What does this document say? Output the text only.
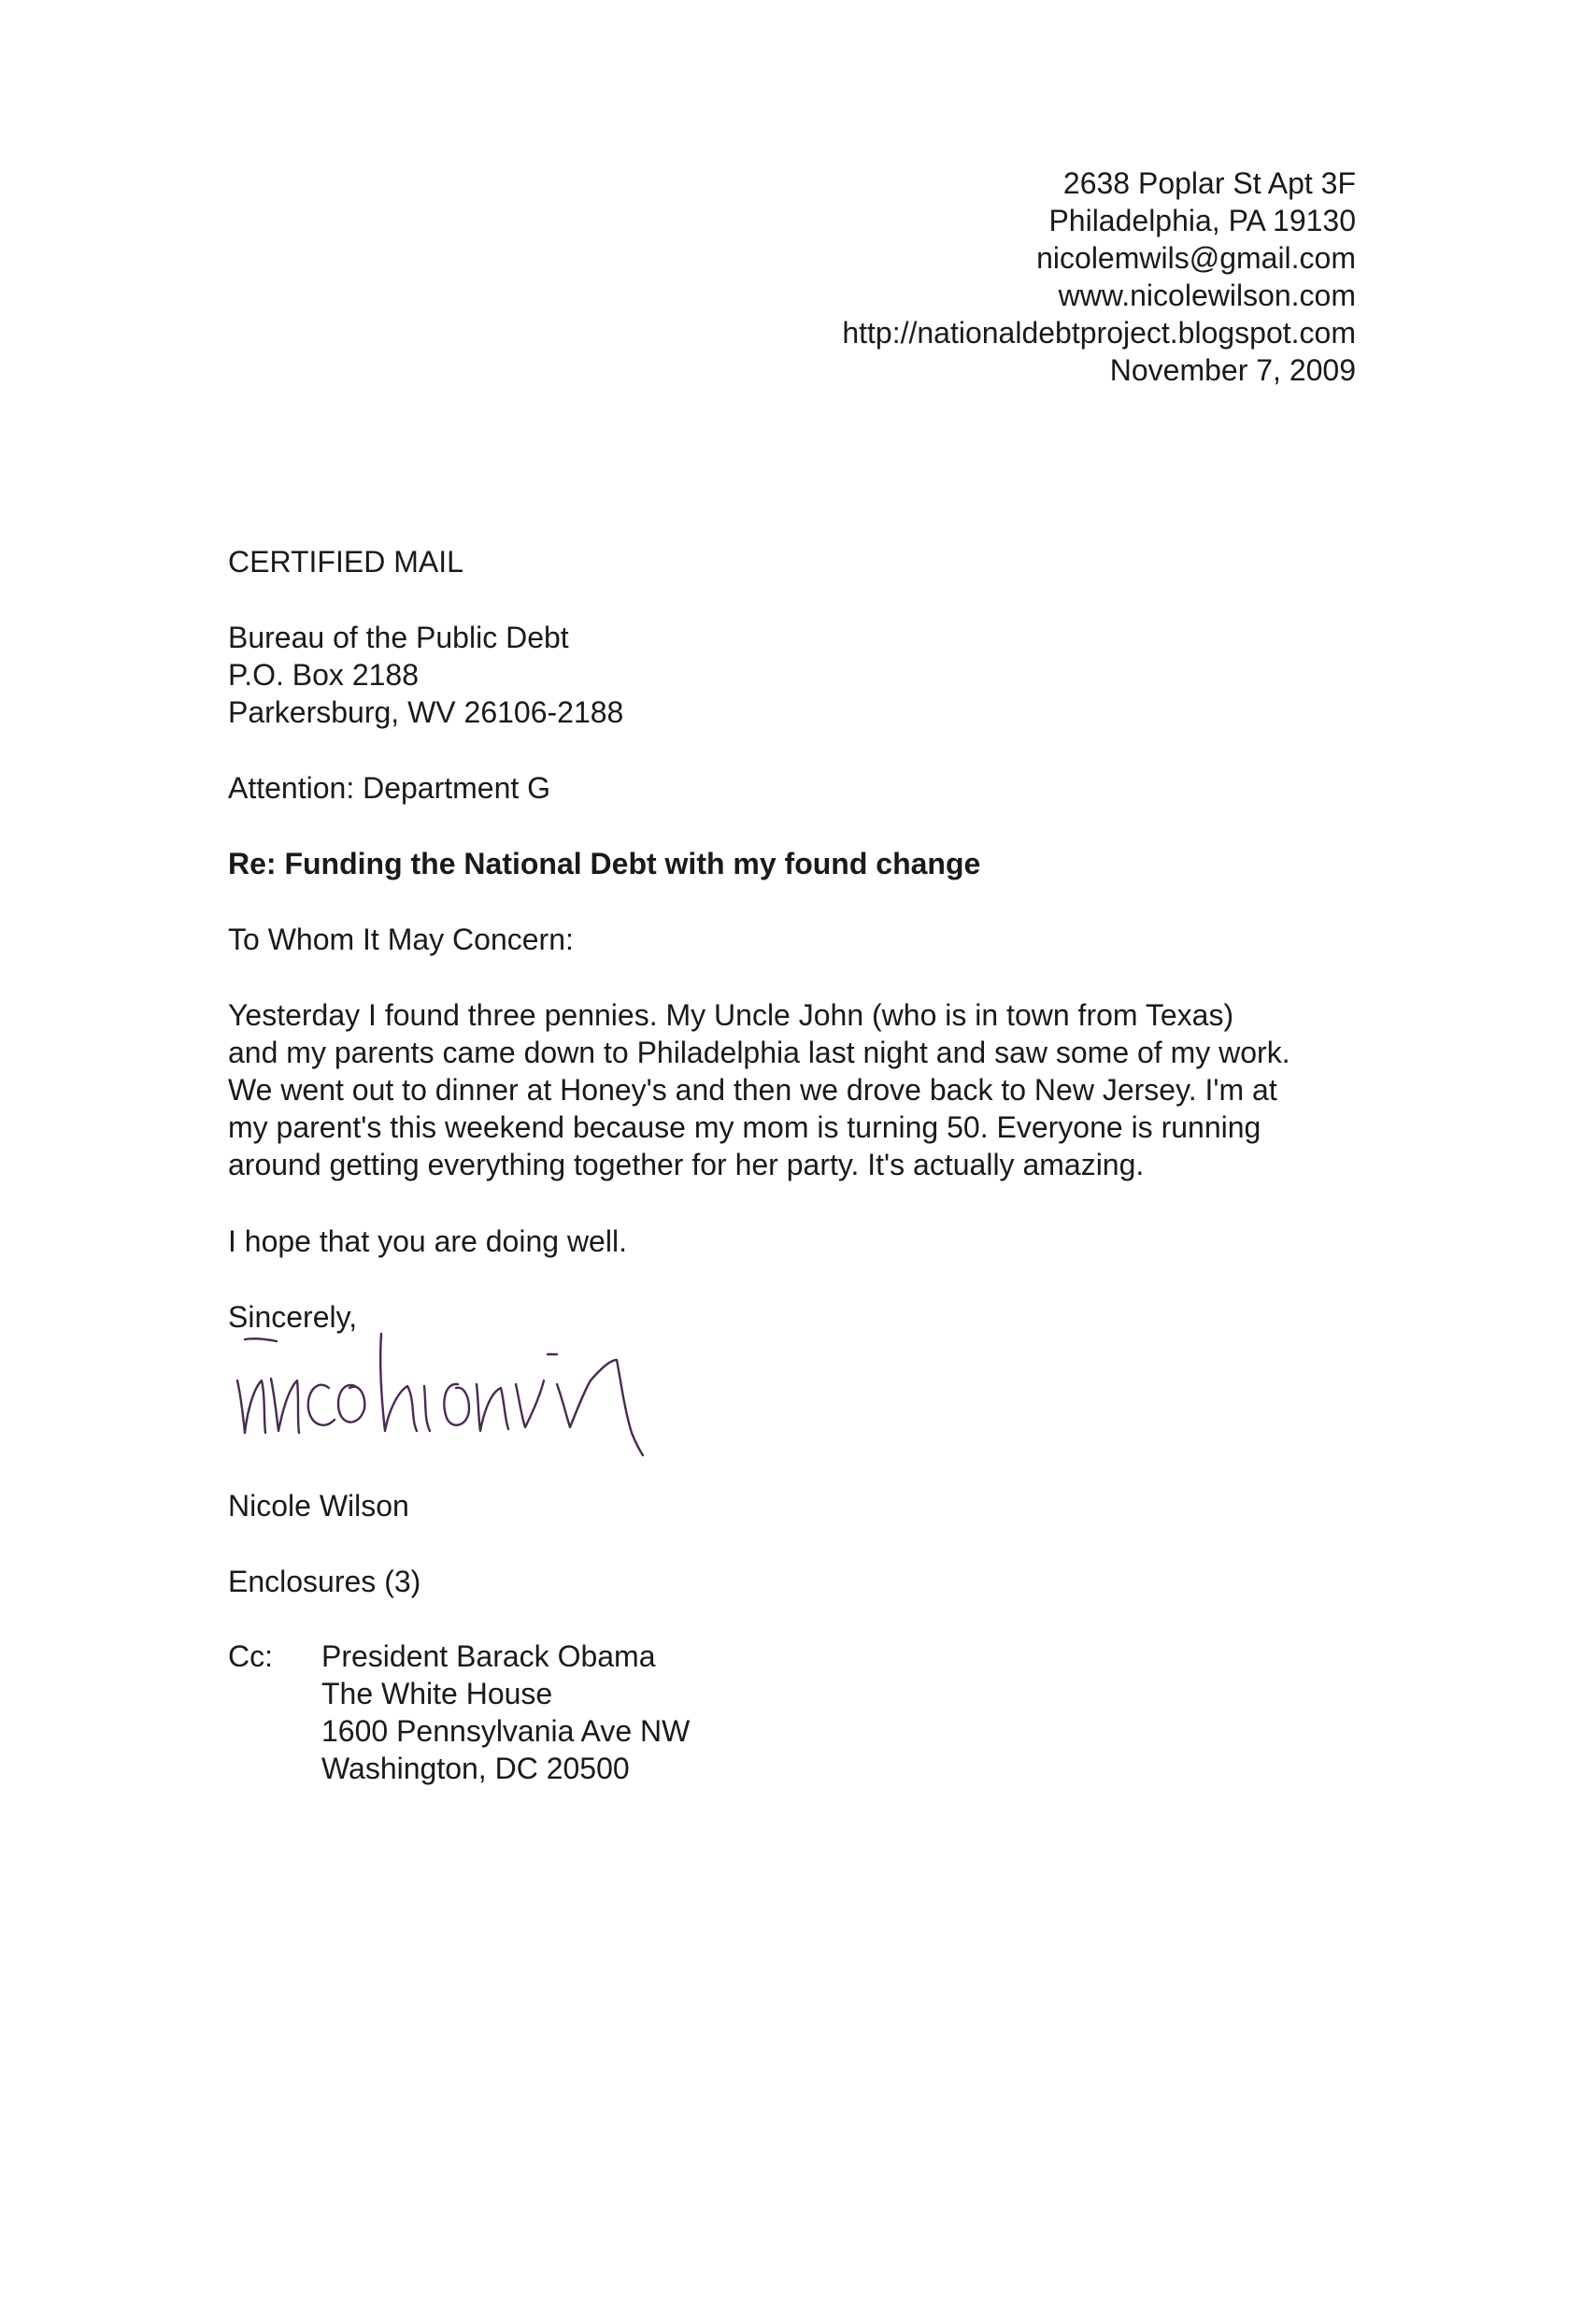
2638 Poplar St Apt 3F
Philadelphia, PA 19130
nicolemwils@gmail.com
www.nicolewilson.com
http://nationaldebtproject.blogspot.com
November 7, 2009
CERTIFIED MAIL
Bureau of the Public Debt
P.O. Box 2188
Parkersburg, WV 26106-2188
Attention: Department G
Re: Funding the National Debt with my found change
To Whom It May Concern:
Yesterday I found three pennies. My Uncle John (who is in town from Texas)
and my parents came down to Philadelphia last night and saw some of my work.
We went out to dinner at Honey's and then we drove back to New Jersey. I'm at
my parent's this weekend because my mom is turning 50. Everyone is running
around getting everything together for her party. It's actually amazing.
I hope that you are doing well.
Sincerely,
Nicole Wilson
Enclosures (3)
Cc: President Barack Obama
The White House
1600 Pennsylvania Ave NW
Washington, DC 20500
